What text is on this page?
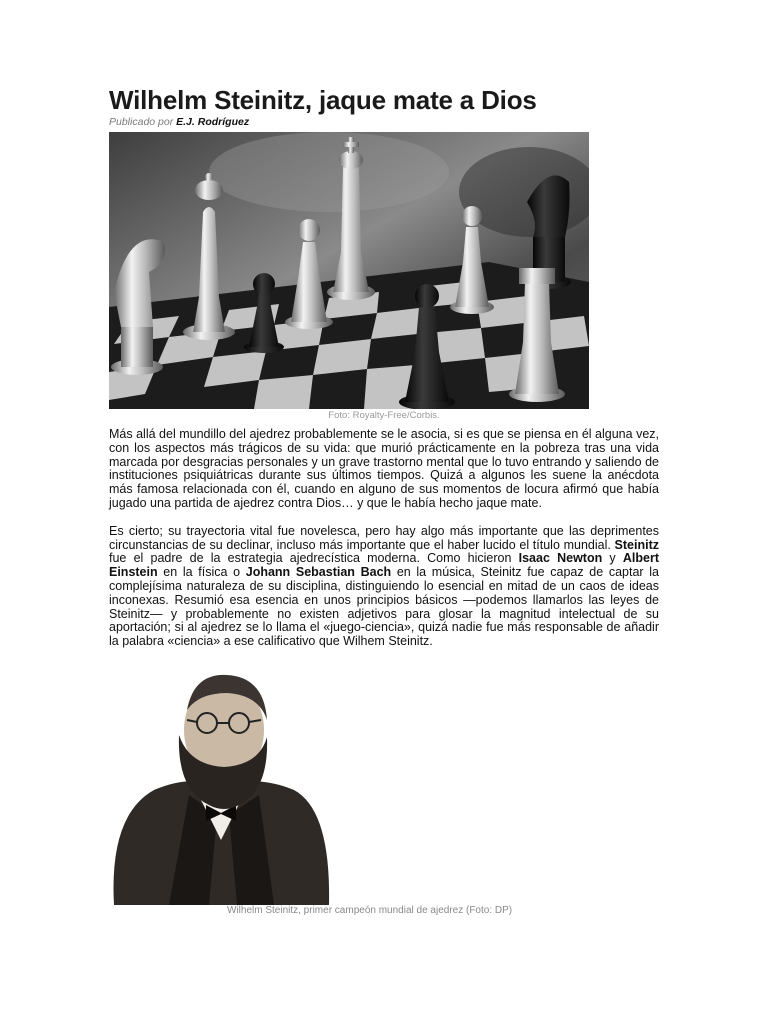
Wilhelm Steinitz, jaque mate a Dios
Publicado por E.J. Rodríguez
Foto: Royalty-Free/Corbis.

Más allá del mundillo del ajedrez probablemente se le asocia, si es que se piensa en él alguna vez, con los aspectos más trágicos de su vida: que murió prácticamente en la pobreza tras una vida marcada por desgracias personales y un grave trastorno mental que lo tuvo entrando y saliendo de instituciones psiquiátricas durante sus últimos tiempos. Quizá a algunos les suene la anécdota más famosa relacionada con él, cuando en alguno de sus momentos de locura afirmó que había jugado una partida de ajedrez contra Dios… y que le había hecho jaque mate.

Es cierto; su trayectoria vital fue novelesca, pero hay algo más importante que las deprimentes circunstancias de su declinar, incluso más importante que el haber lucido el título mundial. Steinitz fue el padre de la estrategia ajedrecística moderna. Como hicieron Isaac Newton y Albert Einstein en la física o Johann Sebastian Bach en la música, Steinitz fue capaz de captar la complejísima naturaleza de su disciplina, distinguiendo lo esencial en mitad de un caos de ideas inconexas. Resumió esa esencia en unos principios básicos —podemos llamarlos las leyes de Steinitz— y probablemente no existen adjetivos para glosar la magnitud intelectual de su aportación; si al ajedrez se lo llama el «juego-ciencia», quizá nadie fue más responsable de añadir la palabra «ciencia» a ese calificativo que Wilhem Steinitz.

Wilhelm Steinitz, primer campeón mundial de ajedrez (Foto: DP)
